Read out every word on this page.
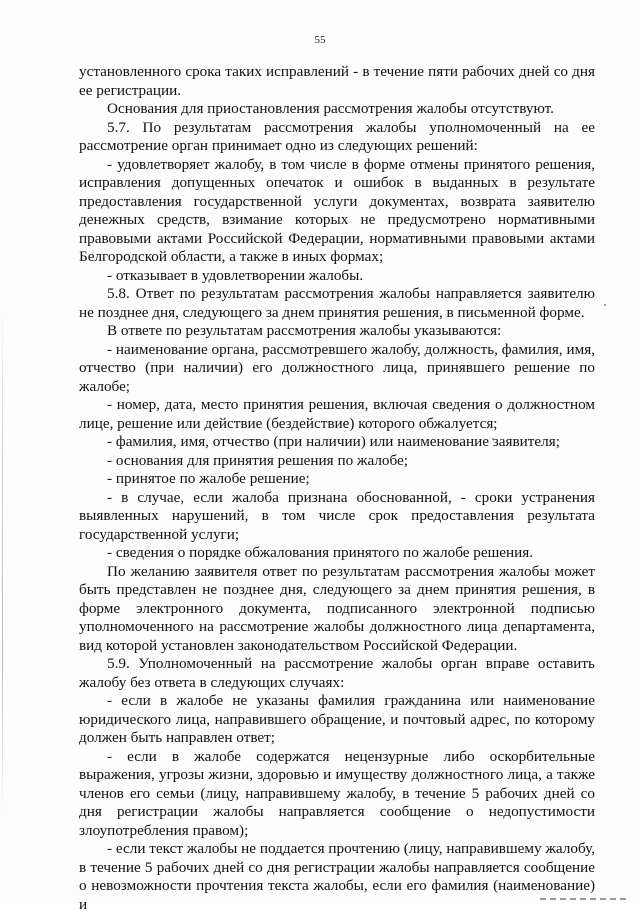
55

установленного срока таких исправлений - в течение пяти рабочих дней со дня ее регистрации.

Основания для приостановления рассмотрения жалобы отсутствуют.

5.7. По результатам рассмотрения жалобы уполномоченный на ее рассмотрение орган принимает одно из следующих решений:

- удовлетворяет жалобу, в том числе в форме отмены принятого решения, исправления допущенных опечаток и ошибок в выданных в результате предоставления государственной услуги документах, возврата заявителю денежных средств, взимание которых не предусмотрено нормативными правовыми актами Российской Федерации, нормативными правовыми актами Белгородской области, а также в иных формах;

- отказывает в удовлетворении жалобы.

5.8. Ответ по результатам рассмотрения жалобы направляется заявителю не позднее дня, следующего за днем принятия решения, в письменной форме.

В ответе по результатам рассмотрения жалобы указываются:

- наименование органа, рассмотревшего жалобу, должность, фамилия, имя, отчество (при наличии) его должностного лица, принявшего решение по жалобе;

- номер, дата, место принятия решения, включая сведения о должностном лице, решение или действие (бездействие) которого обжалуется;

- фамилия, имя, отчество (при наличии) или наименование заявителя;

- основания для принятия решения по жалобе;

- принятое по жалобе решение;

- в случае, если жалоба признана обоснованной, - сроки устранения выявленных нарушений, в том числе срок предоставления результата государственной услуги;

- сведения о порядке обжалования принятого по жалобе решения.

По желанию заявителя ответ по результатам рассмотрения жалобы может быть представлен не позднее дня, следующего за днем принятия решения, в форме электронного документа, подписанного электронной подписью уполномоченного на рассмотрение жалобы должностного лица департамента, вид которой установлен законодательством Российской Федерации.

5.9. Уполномоченный на рассмотрение жалобы орган вправе оставить жалобу без ответа в следующих случаях:

- если в жалобе не указаны фамилия гражданина или наименование юридического лица, направившего обращение, и почтовый адрес, по которому должен быть направлен ответ;

- если в жалобе содержатся нецензурные либо оскорбительные выражения, угрозы жизни, здоровью и имуществу должностного лица, а также членов его семьи (лицу, направившему жалобу, в течение 5 рабочих дней со дня регистрации жалобы направляется сообщение о недопустимости злоупотребления правом);

- если текст жалобы не поддается прочтению (лицу, направившему жалобу, в течение 5 рабочих дней со дня регистрации жалобы направляется сообщение о невозможности прочтения текста жалобы, если его фамилия (наименование) и
